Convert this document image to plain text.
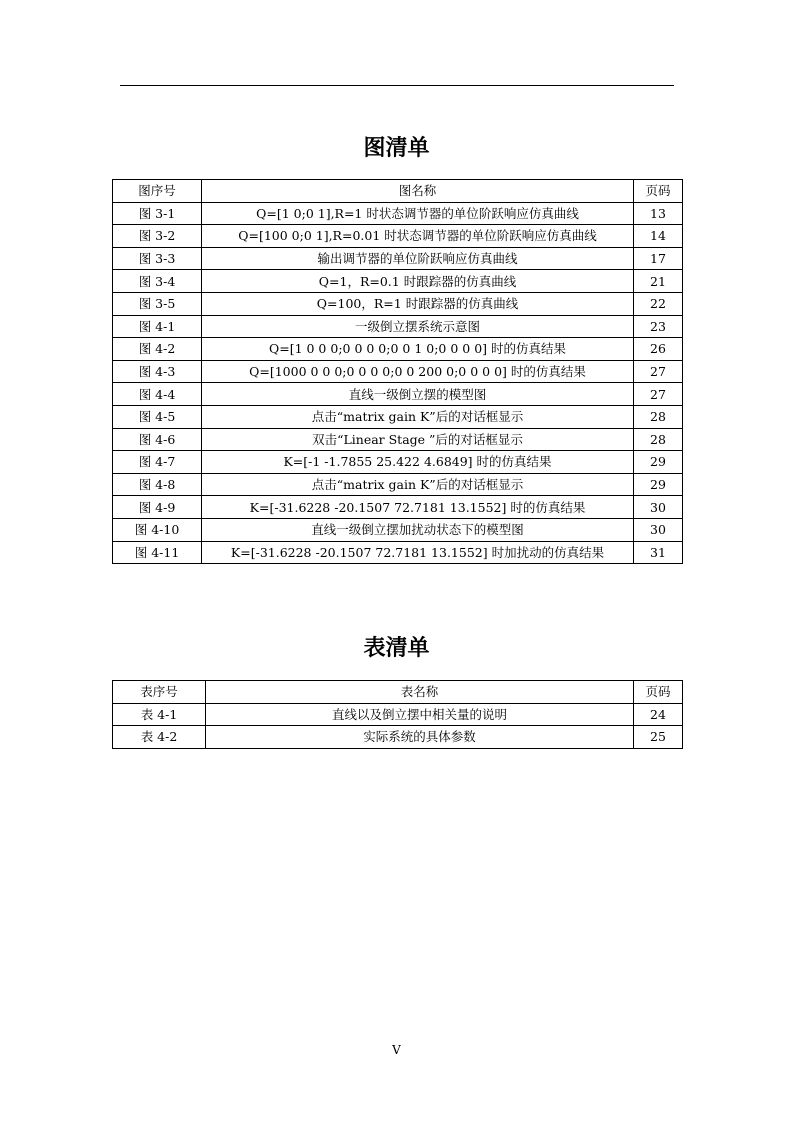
图清单
图序号	图名称	页码
图 3-1	Q=[1 0;0 1],R=1 时状态调节器的单位阶跃响应仿真曲线	13
图 3-2	Q=[100 0;0 1],R=0.01 时状态调节器的单位阶跃响应仿真曲线	14
图 3-3	输出调节器的单位阶跃响应仿真曲线	17
图 3-4	Q=1，R=0.1 时跟踪器的仿真曲线	21
图 3-5	Q=100，R=1 时跟踪器的仿真曲线	22
图 4-1	一级倒立摆系统示意图	23
图 4-2	Q=[1 0 0 0;0 0 0 0;0 0 1 0;0 0 0 0] 时的仿真结果	26
图 4-3	Q=[1000 0 0 0;0 0 0 0;0 0 200 0;0 0 0 0] 时的仿真结果	27
图 4-4	直线一级倒立摆的模型图	27
图 4-5	点击“matrix gain K”后的对话框显示	28
图 4-6	双击“Linear Stage ”后的对话框显示	28
图 4-7	K=[-1 -1.7855 25.422 4.6849] 时的仿真结果	29
图 4-8	点击“matrix gain K”后的对话框显示	29
图 4-9	K=[-31.6228 -20.1507 72.7181 13.1552] 时的仿真结果	30
图 4-10	直线一级倒立摆加扰动状态下的模型图	30
图 4-11	K=[-31.6228 -20.1507 72.7181 13.1552] 时加扰动的仿真结果	31
表清单
表序号	表名称	页码
表 4-1	直线以及倒立摆中相关量的说明	24
表 4-2	实际系统的具体参数	25
V
